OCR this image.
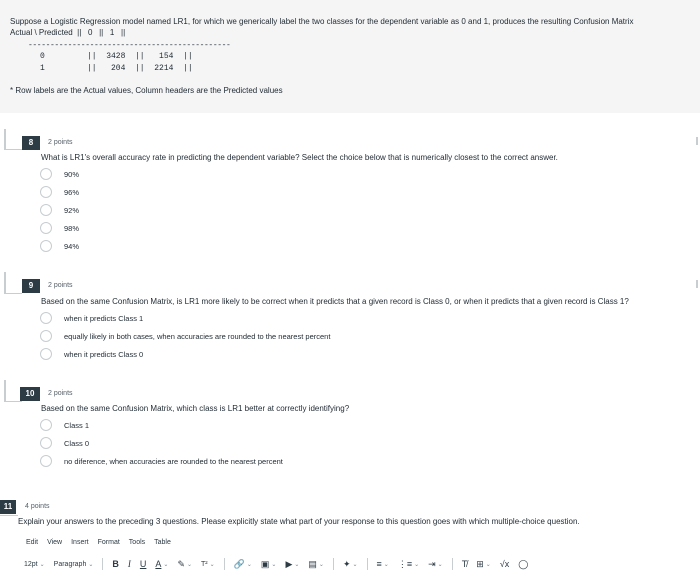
Suppose a Logistic Regression model named LR1, for which we generically label the two classes for the dependent variable as 0 and 1, produces the resulting Confusion Matrix
Actual \ Predicted  ||   0   ||   1   ||
----------------------------------------------
0	||  3428  ||   154  ||
1	||   204  ||  2214  ||
* Row labels are the Actual values, Column headers are the Predicted values
8	2 points
What is LR1's overall accuracy rate in predicting the dependent variable? Select the choice below that is numerically closest to the correct answer.
90%
96%
92%
98%
94%
9	2 points
Based on the same Confusion Matrix, is LR1 more likely to be correct when it predicts that a given record is Class 0, or when it predicts that a given record is Class 1?
when it predicts Class 1
equally likely in both cases, when accuracies are rounded to the nearest percent
when it predicts Class 0
10	2 points
Based on the same Confusion Matrix, which class is LR1 better at correctly identifying?
Class 1
Class 0
no diference, when accuracies are rounded to the nearest percent
11	4 points
Explain your answers to the preceding 3 questions. Please explicitly state what part of your response to this question goes with which multiple-choice question.
Edit View Insert Format Tools Table
12pt ⌄ Paragraph ⌄ B I U A ⌄ ✎ ⌄ T² ⌄ 🔗 ⌄ ▣ ⌄ ▶ ⌄ ▤ ⌄ ✦ ⌄ ≡ ⌄ ⋮≡ ⌄ ⇥ ⌄ T̸ ⊞ ⌄ √x ◯
